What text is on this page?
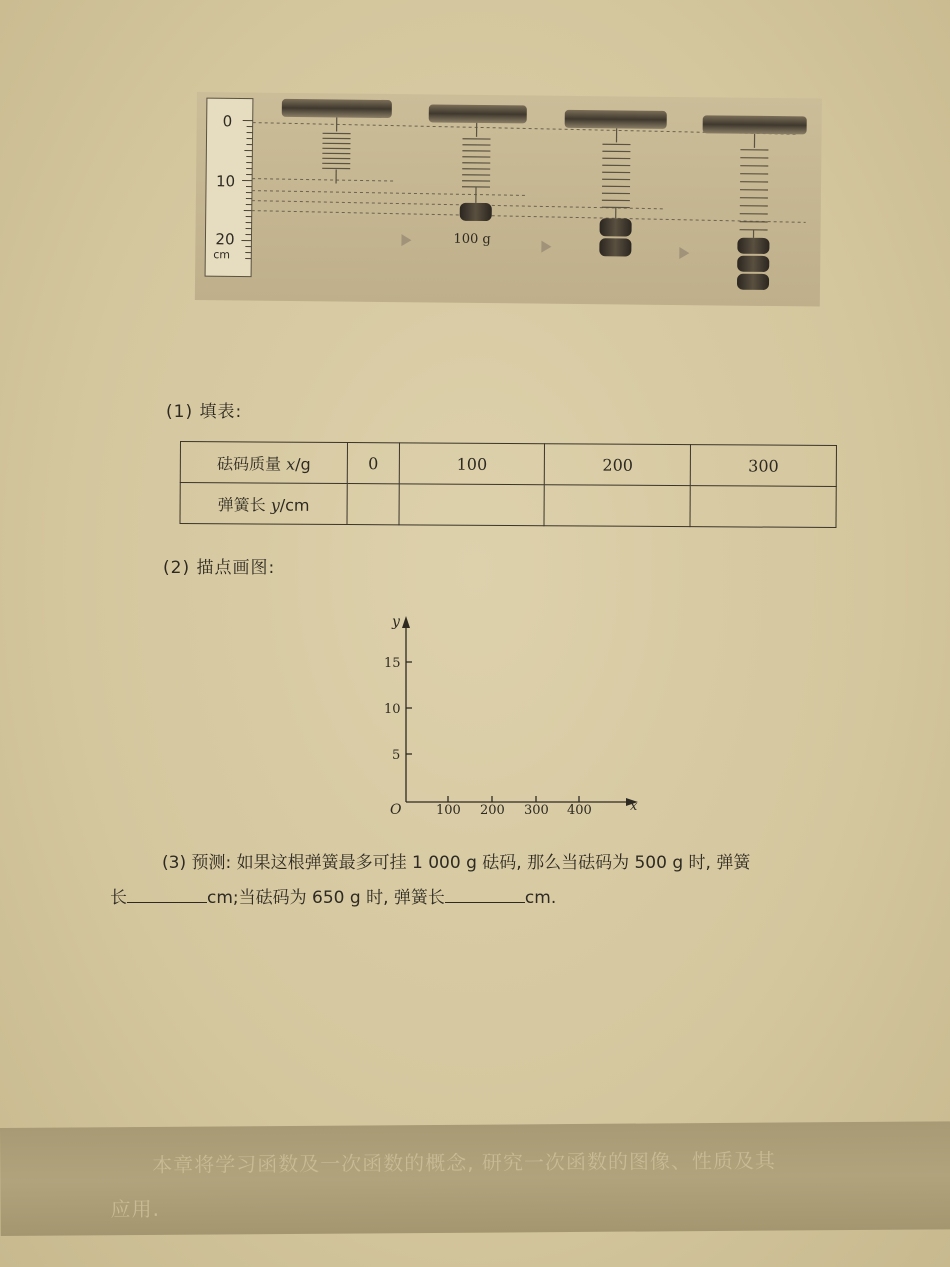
0
10
20
cm
100 g
(1) 填表:
砝码质量 x/g	0	100	200	300
弹簧长 y/cm				
(2) 描点画图:
y
x
O
5
10
15
100 200 300 400
(3) 预测: 如果这根弹簧最多可挂 1 000 g 砝码, 那么当砝码为 500 g 时, 弹簧
长	cm;当砝码为 650 g 时, 弹簧长	cm.
本章将学习函数及一次函数的概念, 研究一次函数的图像、性质及其
应用.
